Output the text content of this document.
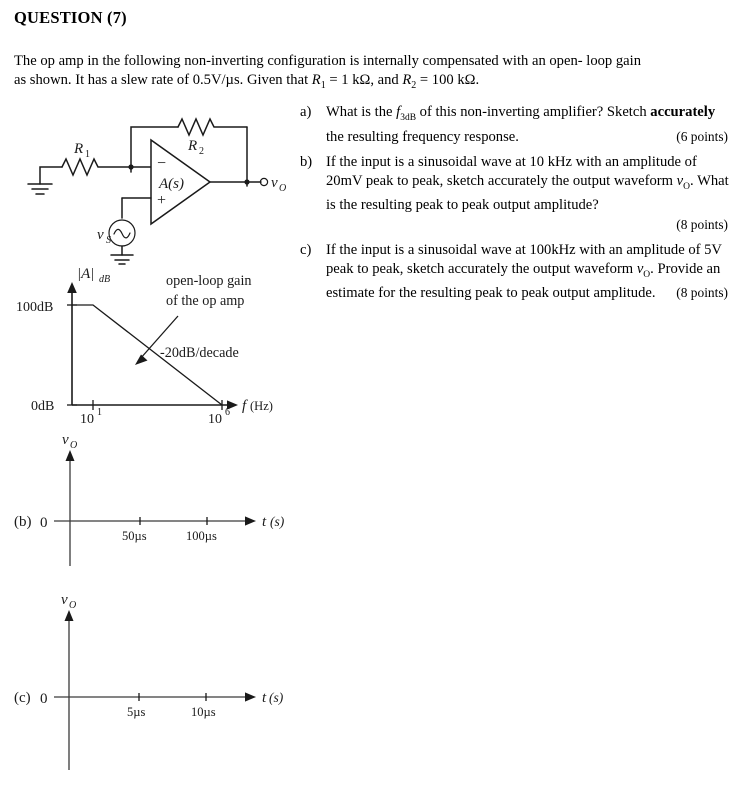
QUESTION (7)
The op amp in the following non-inverting configuration is internally compensated with an open- loop gain as shown. It has a slew rate of 0.5V/µs. Given that $R_1 = 1$ kΩ, and $R_2 = 100$ kΩ.
a)	What is the $f_{3dB}$ of this non-inverting amplifier? Sketch accurately the resulting frequency response.	(6 points)
b) If the input is a sinusoidal wave at 10 kHz with an amplitude of 20mV peak to peak, sketch accurately the output waveform $v_O$. What is the resulting peak to peak output amplitude?
(8 points)
c)	If the input is a sinusoidal wave at 100kHz with an amplitude of 5V peak to peak, sketch accurately the output waveform $v_O$. Provide an estimate for the resulting peak to peak output amplitude.	(8 points)
R 1
R 2
−
+
A(s)
v S
v O
|A| dB
100dB
0dB
10 1	10 6 f (Hz)
open-loop gain
of the op amp
-20dB/decade
(b)
v O
0
50µs	100µs
t (s)
(c)
v O
0
5µs	10µs
t (s)
